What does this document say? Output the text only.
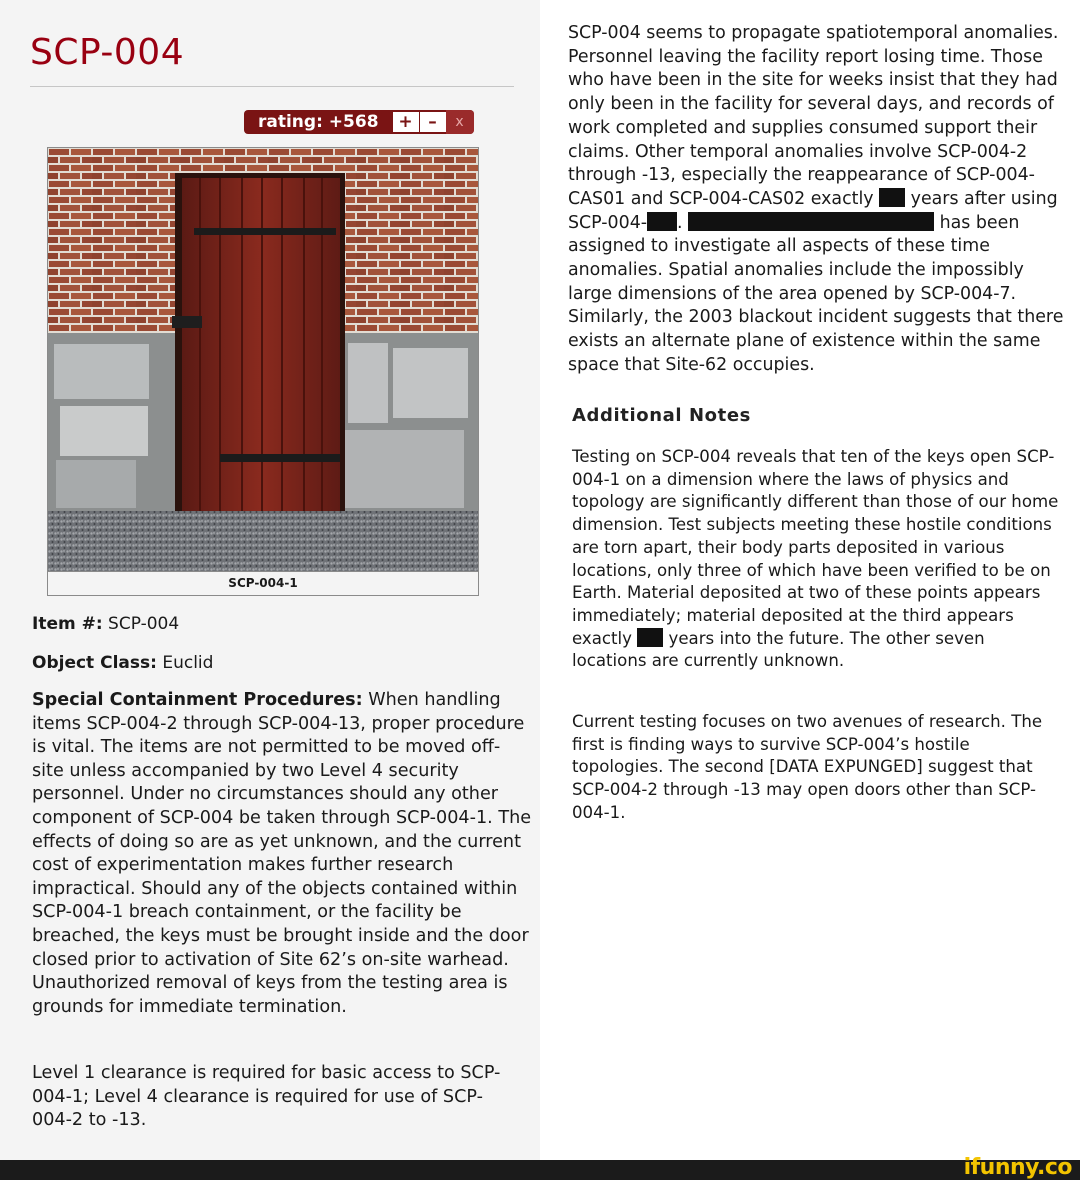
SCP-004
rating: +568	+ –	x
SCP-004-1

Item #: SCP-004

Object Class: Euclid

Special Containment Procedures: When handling items SCP-004-2 through SCP-004-13, proper procedure is vital. The items are not permitted to be moved off-site unless accompanied by two Level 4 security personnel. Under no circumstances should any other component of SCP-004 be taken through SCP-004-1. The effects of doing so are as yet unknown, and the current cost of experimentation makes further research impractical. Should any of the objects contained within SCP-004-1 breach containment, or the facility be breached, the keys must be brought inside and the door closed prior to activation of Site 62’s on-site warhead. Unauthorized removal of keys from the testing area is grounds for immediate termination.

Level 1 clearance is required for basic access to SCP-004-1; Level 4 clearance is required for use of SCP-004-2 to -13.

SCP-004 seems to propagate spatiotemporal anomalies. Personnel leaving the facility report losing time. Those who have been in the site for weeks insist that they had only been in the facility for several days, and records of work completed and supplies consumed support their claims. Other temporal anomalies involve SCP-004-2 through -13, especially the reappearance of SCP-004-CAS01 and SCP-004-CAS02 exactly  years after using SCP-004- .	has been assigned to investigate all aspects of these time anomalies. Spatial anomalies include the impossibly large dimensions of the area opened by SCP-004-7. Similarly, the 2003 blackout incident suggests that there exists an alternate plane of existence within the same space that Site-62 occupies.

Additional Notes

Testing on SCP-004 reveals that ten of the keys open SCP-004-1 on a dimension where the laws of physics and topology are significantly different than those of our home dimension. Test subjects meeting these hostile conditions are torn apart, their body parts deposited in various locations, only three of which have been verified to be on Earth. Material deposited at two of these points appears immediately; material deposited at the third appears exactly  years into the future. The other seven locations are currently unknown.

Current testing focuses on two avenues of research. The first is finding ways to survive SCP-004’s hostile topologies. The second [DATA EXPUNGED] suggest that SCP-004-2 through -13 may open doors other than SCP-004-1.

ifunny.co
